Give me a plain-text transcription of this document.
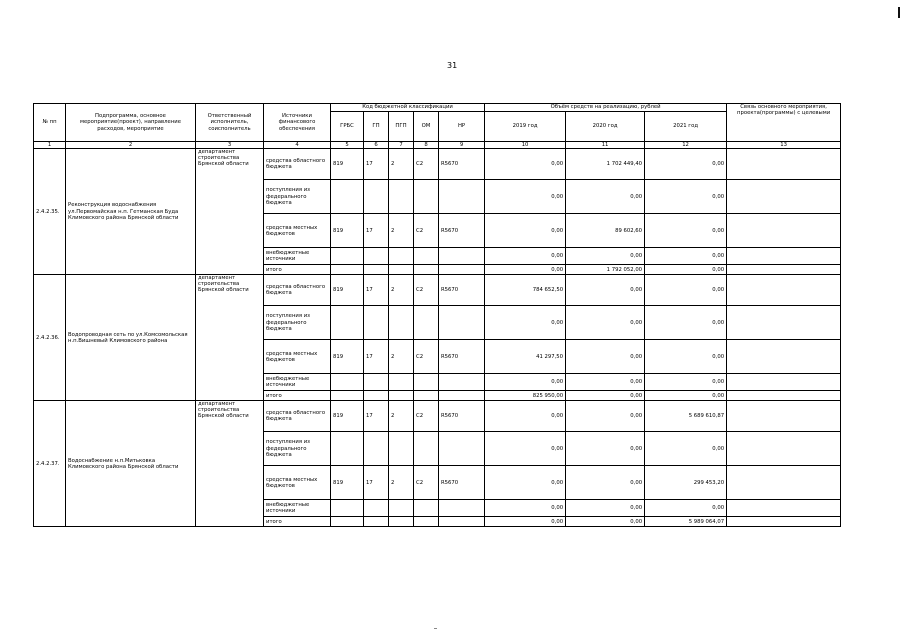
31
№ пп	Подпрограмма, основное мероприятие(проект), направление расходов, мероприятие	Ответственный исполнитель, соисполнитель	Источники финансового обеспечения	Код бюджетной классификации					Объём средств на реализацию, рублей			Связь основного мероприятия, проекта(программы) с целевыми
				ГРБС	ГП	ПГП	ОМ	НР	2019 год	2020 год	2021 год	
1	2	3	4	5	6	7	8	9	10	11	12	13
2.4.2.35.	Реконструкция водоснабжения ул.Первомайская н.п. Гетманская Буда Климовского района Брянской области	департамент строительства Брянской области	средства областного бюджета	819	17	2	С2	R5670	0,00	1 702 449,40	0,00	
			поступления из федерального бюджета						0,00	0,00	0,00	
			средства местных бюджетов	819	17	2	С2	R5670	0,00	89 602,60	0,00	
			внебюджетные источники						0,00	0,00	0,00	
			итого						0,00	1 792 052,00	0,00	
2.4.2.36.	Водопроводная сеть по ул.Комсомольская н.п.Вишневый Климовского района	департамент строительства Брянской области	средства областного бюджета	819	17	2	С2	R5670	784 652,50	0,00	0,00	
			поступления из федерального бюджета						0,00	0,00	0,00	
			средства местных бюджетов	819	17	2	С2	R5670	41 297,50	0,00	0,00	
			внебюджетные источники						0,00	0,00	0,00	
			итого						825 950,00	0,00	0,00	
2.4.2.37.	Водоснабжение н.п.Митьковка Климовского района Брянской области	департамент строительства Брянской области	средства областного бюджета	819	17	2	С2	R5670	0,00	0,00	5 689 610,87	
			поступления из федерального бюджета						0,00	0,00	0,00	
			средства местных бюджетов	819	17	2	С2	R5670	0,00	0,00	299 453,20	
			внебюджетные источники						0,00	0,00	0,00	
			итого						0,00	0,00	5 989 064,07	
